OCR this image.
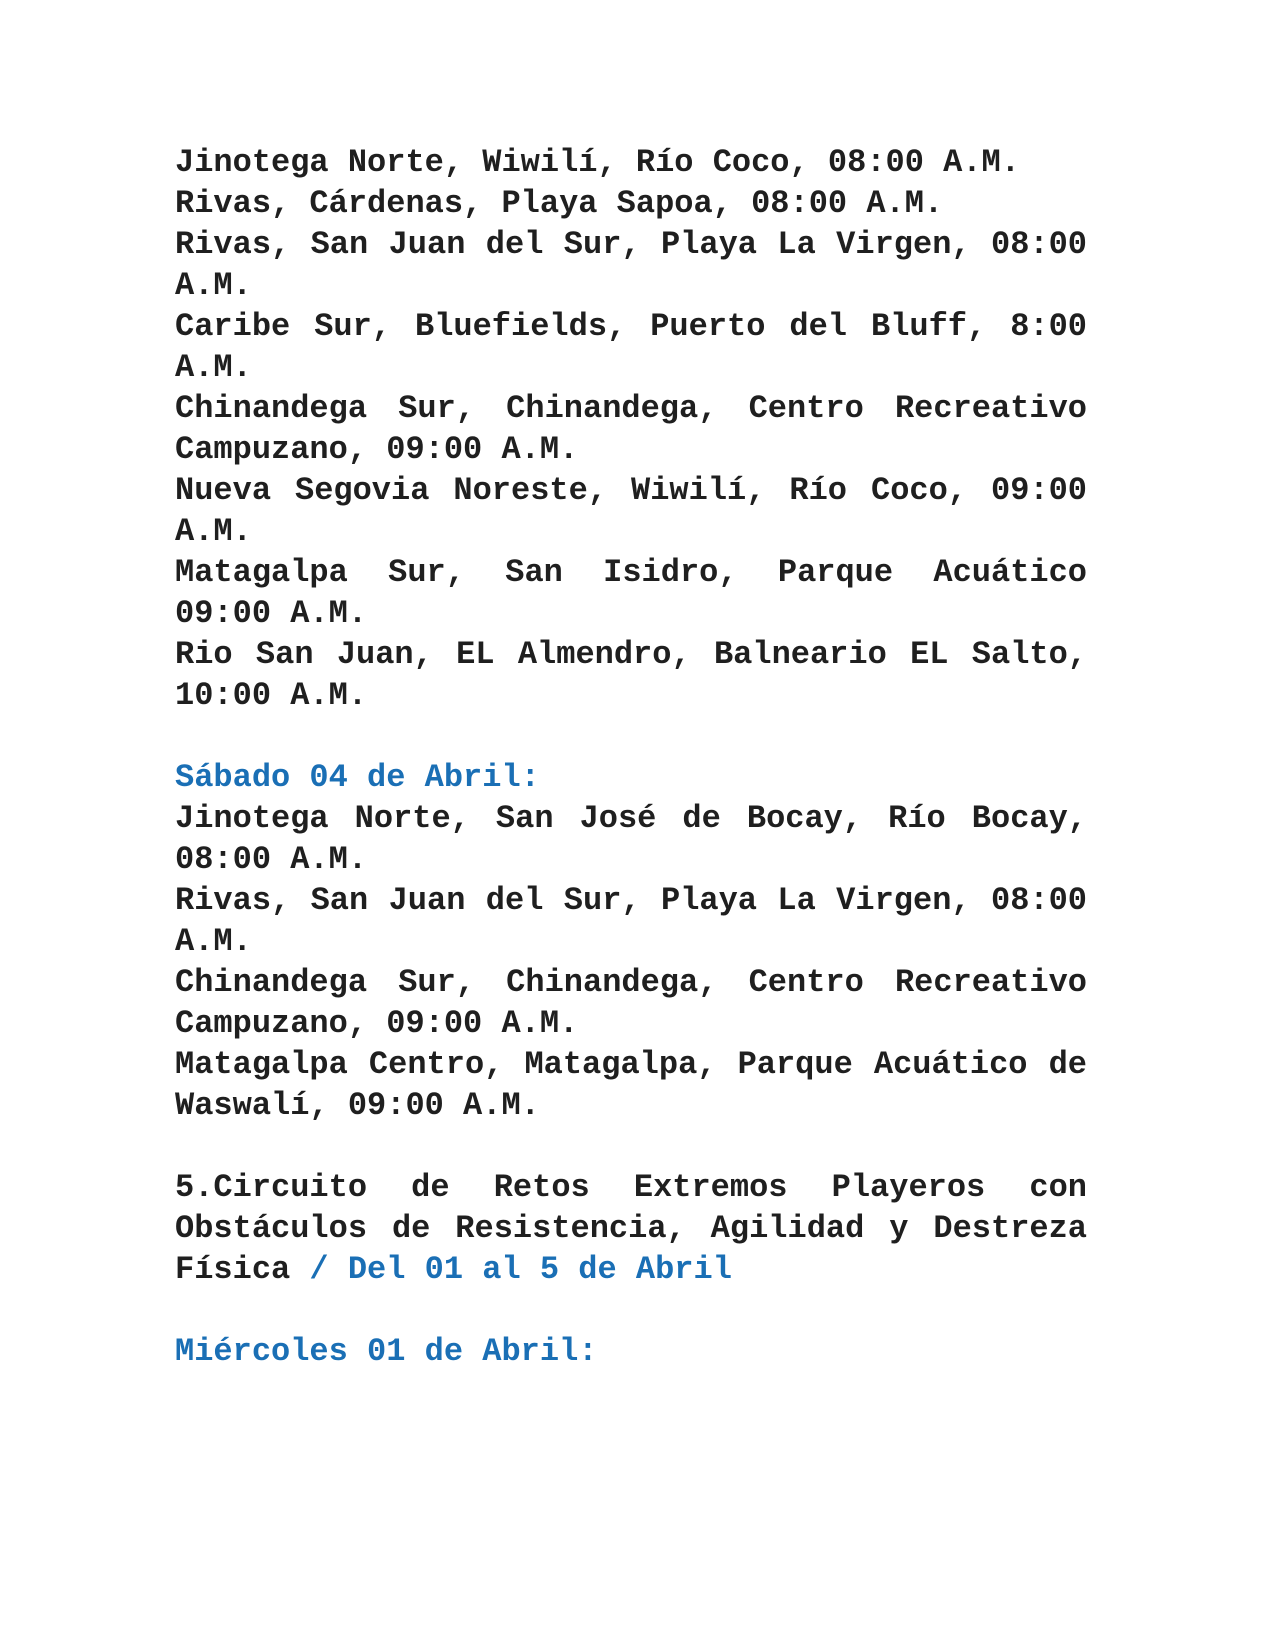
Jinotega Norte, Wiwilí, Río Coco, 08:00 A.M.

Rivas, Cárdenas, Playa Sapoa, 08:00 A.M.

Rivas, San Juan del Sur, Playa La Virgen, 08:00 A.M.

Caribe Sur, Bluefields, Puerto del Bluff, 8:00 A.M.

Chinandega Sur, Chinandega, Centro Recreativo Campuzano, 09:00 A.M.

Nueva Segovia Noreste, Wiwilí, Río Coco, 09:00 A.M.

Matagalpa Sur, San Isidro, Parque Acuático 09:00 A.M.

Rio San Juan, EL Almendro, Balneario EL Salto, 10:00 A.M.

Sábado 04 de Abril:

Jinotega Norte, San José de Bocay, Río Bocay, 08:00 A.M.

Rivas, San Juan del Sur, Playa La Virgen, 08:00 A.M.

Chinandega Sur, Chinandega, Centro Recreativo Campuzano, 09:00 A.M.

Matagalpa Centro, Matagalpa, Parque Acuático de Waswalí, 09:00 A.M.

5.Circuito de Retos Extremos Playeros con Obstáculos de Resistencia, Agilidad y Destreza Física / Del 01 al 5 de Abril

Miércoles 01 de Abril:
